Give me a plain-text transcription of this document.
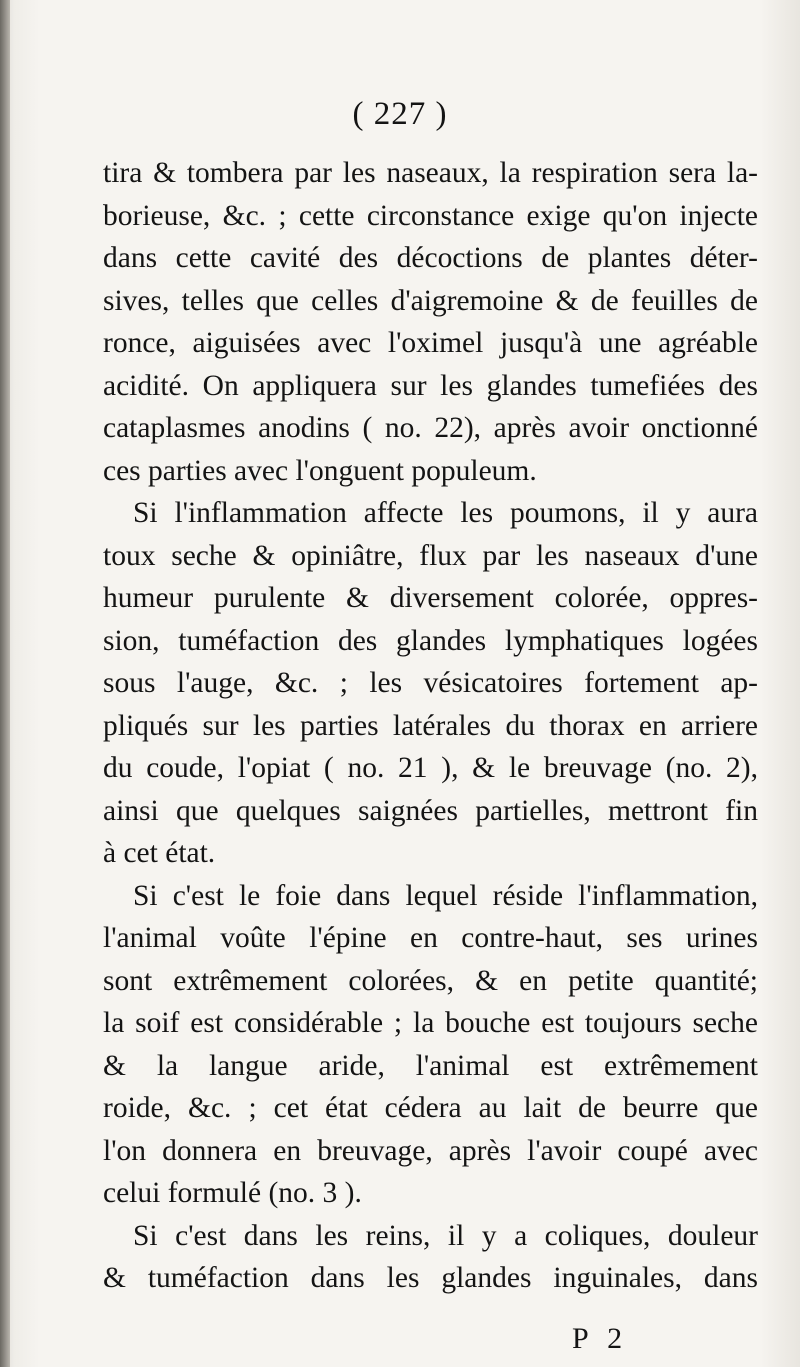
( 227 )
tira & tombera par les naseaux, la respiration sera la-
borieuse, &c. ; cette circonstance exige qu'on injecte
dans cette cavité des décoctions de plantes déter-
sives, telles que celles d'aigremoine & de feuilles de
ronce, aiguisées avec l'oximel jusqu'à une agréable
acidité. On appliquera sur les glandes tumefiées des
cataplasmes anodins ( no. 22), après avoir onctionné
ces parties avec l'onguent populeum.
Si l'inflammation affecte les poumons, il y aura
toux seche & opiniâtre, flux par les naseaux d'une
humeur purulente & diversement colorée, oppres-
sion, tuméfaction des glandes lymphatiques logées
sous l'auge, &c. ; les vésicatoires fortement ap-
pliqués sur les parties latérales du thorax en arriere
du coude, l'opiat ( no. 21 ), & le breuvage (no. 2),
ainsi que quelques saignées partielles, mettront fin
à cet état.
Si c'est le foie dans lequel réside l'inflammation,
l'animal voûte l'épine en contre-haut, ses urines
sont extrêmement colorées, & en petite quantité;
la soif est considérable ; la bouche est toujours seche
& la langue aride, l'animal est extrêmement
roide, &c. ; cet état cédera au lait de beurre que
l'on donnera en breuvage, après l'avoir coupé avec
celui formulé (no. 3 ).
Si c'est dans les reins, il y a coliques, douleur
& tuméfaction dans les glandes inguinales, dans
P 2
